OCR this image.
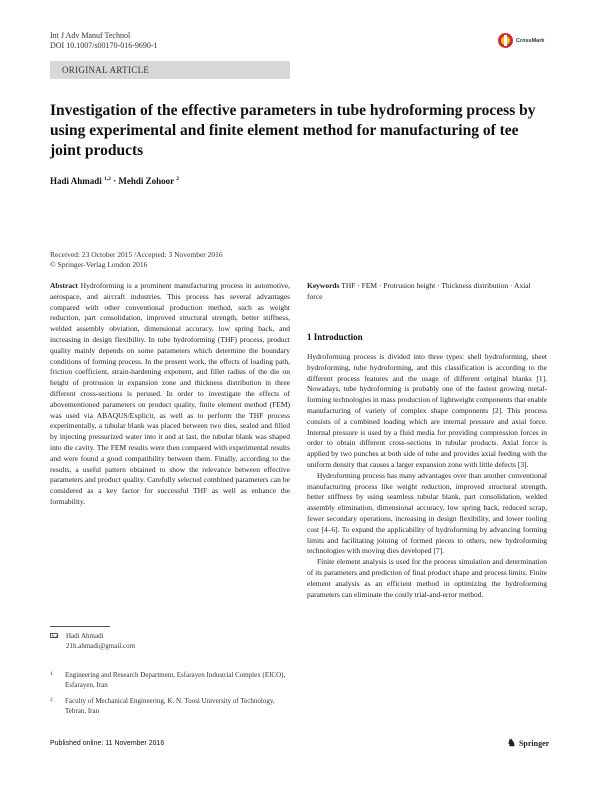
Int J Adv Manuf Technol
DOI 10.1007/s00170-016-9690-1
CrossMark
ORIGINAL ARTICLE
Investigation of the effective parameters in tube hydroforming process by using experimental and finite element method for manufacturing of tee joint products
Hadi Ahmadi $^{1,2}$ · Mehdi Zohoor $^2$
Received: 23 October 2015 /Accepted: 3 November 2016
© Springer-Verlag London 2016
Abstract Hydroforming is a prominent manufacturing process in automotive, aerospace, and aircraft industries. This process has several advantages compared with other conventional production method, such as weight reduction, part consolidation, improved structural strength, better stiffness, welded assembly obviation, dimensional accuracy, low spring back, and increasing in design flexibility. In tube hydroforming (THF) process, product quality mainly depends on some parameters which determine the boundary conditions of forming process. In the present work, the effects of loading path, friction coefficient, strain-hardening exponent, and fillet radius of the die on height of protrusion in expansion zone and thickness distribution in three different cross-sections is perused. In order to investigate the effects of abovementioned parameters on product quality, finite element method (FEM) was used via ABAQUS/Explicit, as well as to perform the THF process experimentally, a tubular blank was placed between two dies, sealed and filled by injecting pressurized water into it and at last, the tubular blank was shaped into die cavity. The FEM results were then compared with experimental results and were found a good compatibility between them. Finally, according to the results, a useful pattern obtained to show the relevance between effective parameters and product quality. Carefully selected combined parameters can be considered as a key factor for successful THF as well as enhance the formability.
Keywords THF · FEM · Protrusion height · Thickness distribution · Axial force
Hadi Ahmadi
21h.ahmadi@gmail.com
1	Engineering and Research Department, Esfarayen Industrial Complex (EICO), Esfarayen, Iran
2	Faculty of Mechanical Engineering, K. N. Toosi University of Technology, Tehran, Iran
1 Introduction

Hydroforming process is divided into three types: shell hydroforming, sheet hydroforming, tube hydroforming, and this classification is according to the different process features and the usage of different original blanks [1]. Nowadays, tube hydroforming is probably one of the fastest growing metal-forming technologies in mass production of lightweight components that enable manufacturing of variety of complex shape components [2]. This process consists of a combined loading which are internal pressure and axial force. Internal pressure is used by a fluid media for providing compression forces in order to obtain different cross-sections in tubular products. Axial force is applied by two punches at both side of tube and provides axial feeding with the uniform density that causes a larger expansion zone with little defects [3].

Hydroforming process has many advantages over than another conventional manufacturing process like weight reduction, improved structural strength, better stiffness by using seamless tubular blank, part consolidation, welded assembly elimination, dimensional accuracy, low spring back, reduced scrap, fewer secondary operations, increasing in design flexibility, and lower tooling cost [4–6]. To expand the applicability of hydroforming by advancing forming limits and facilitating joining of formed pieces to others, new hydroforming technologies with moving dies developed [7].

Finite element analysis is used for the process simulation and determination of its parameters and prediction of final product shape and process limits. Finite element analysis as an efficient method in optimizing the hydroforming parameters can eliminate the costly trial-and-error method.

Published online: 11 November 2016	♞ Springer
